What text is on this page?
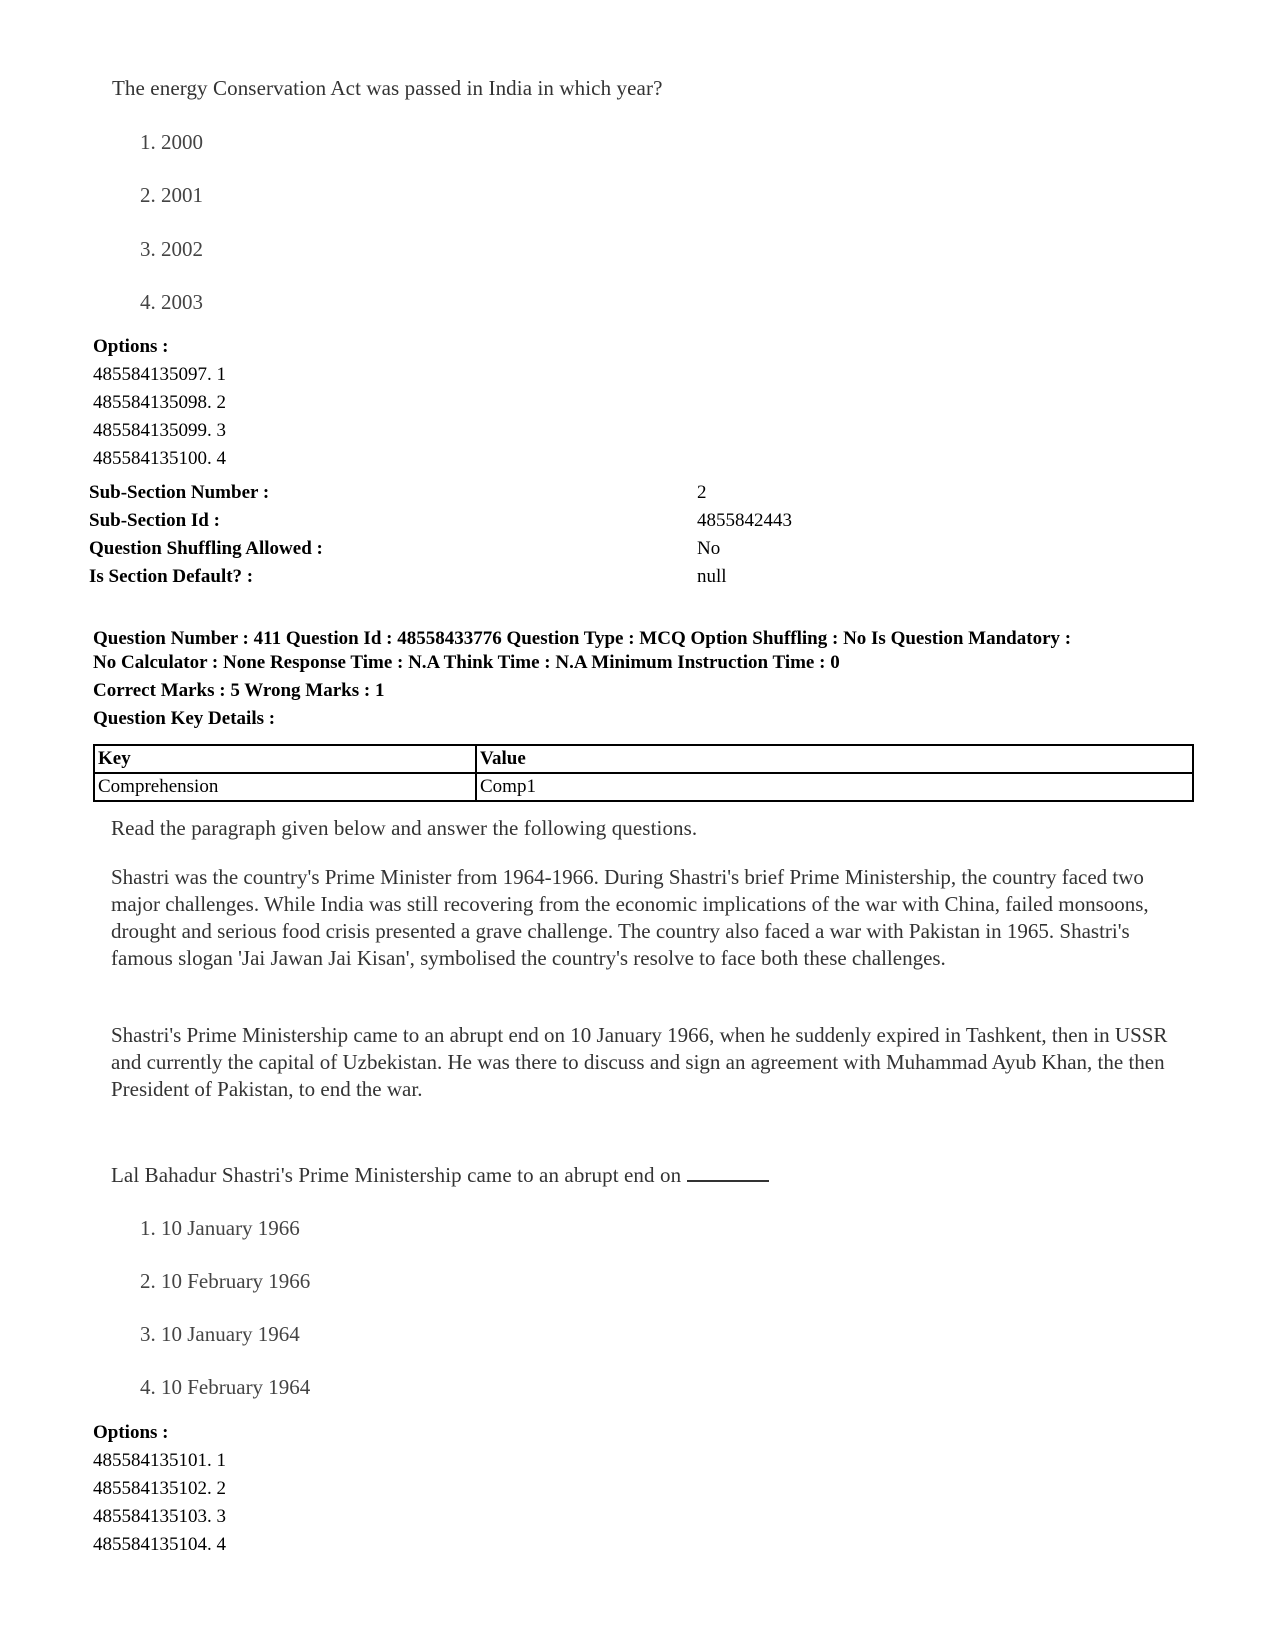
The energy Conservation Act was passed in India in which year?
1. 2000
2. 2001
3. 2002
4. 2003
Options :
485584135097. 1
485584135098. 2
485584135099. 3
485584135100. 4
Sub-Section Number :	2
Sub-Section Id :	4855842443
Question Shuffling Allowed :	No
Is Section Default? :	null
Question Number : 411 Question Id : 48558433776 Question Type : MCQ Option Shuffling : No Is Question Mandatory :
No Calculator : None Response Time : N.A Think Time : N.A Minimum Instruction Time : 0
Correct Marks : 5 Wrong Marks : 1
Question Key Details :
Key	Value
Comprehension	Comp1
Read the paragraph given below and answer the following questions.
Shastri was the country's Prime Minister from 1964-1966. During Shastri's brief Prime Ministership, the country faced two major challenges. While India was still recovering from the economic implications of the war with China, failed monsoons, drought and serious food crisis presented a grave challenge. The country also faced a war with Pakistan in 1965. Shastri's famous slogan 'Jai Jawan Jai Kisan', symbolised the country's resolve to face both these challenges.
Shastri's Prime Ministership came to an abrupt end on 10 January 1966, when he suddenly expired in Tashkent, then in USSR and currently the capital of Uzbekistan. He was there to discuss and sign an agreement with Muhammad Ayub Khan, the then President of Pakistan, to end the war.
Lal Bahadur Shastri's Prime Ministership came to an abrupt end on
1. 10 January 1966
2. 10 February 1966
3. 10 January 1964
4. 10 February 1964
Options :
485584135101. 1
485584135102. 2
485584135103. 3
485584135104. 4
